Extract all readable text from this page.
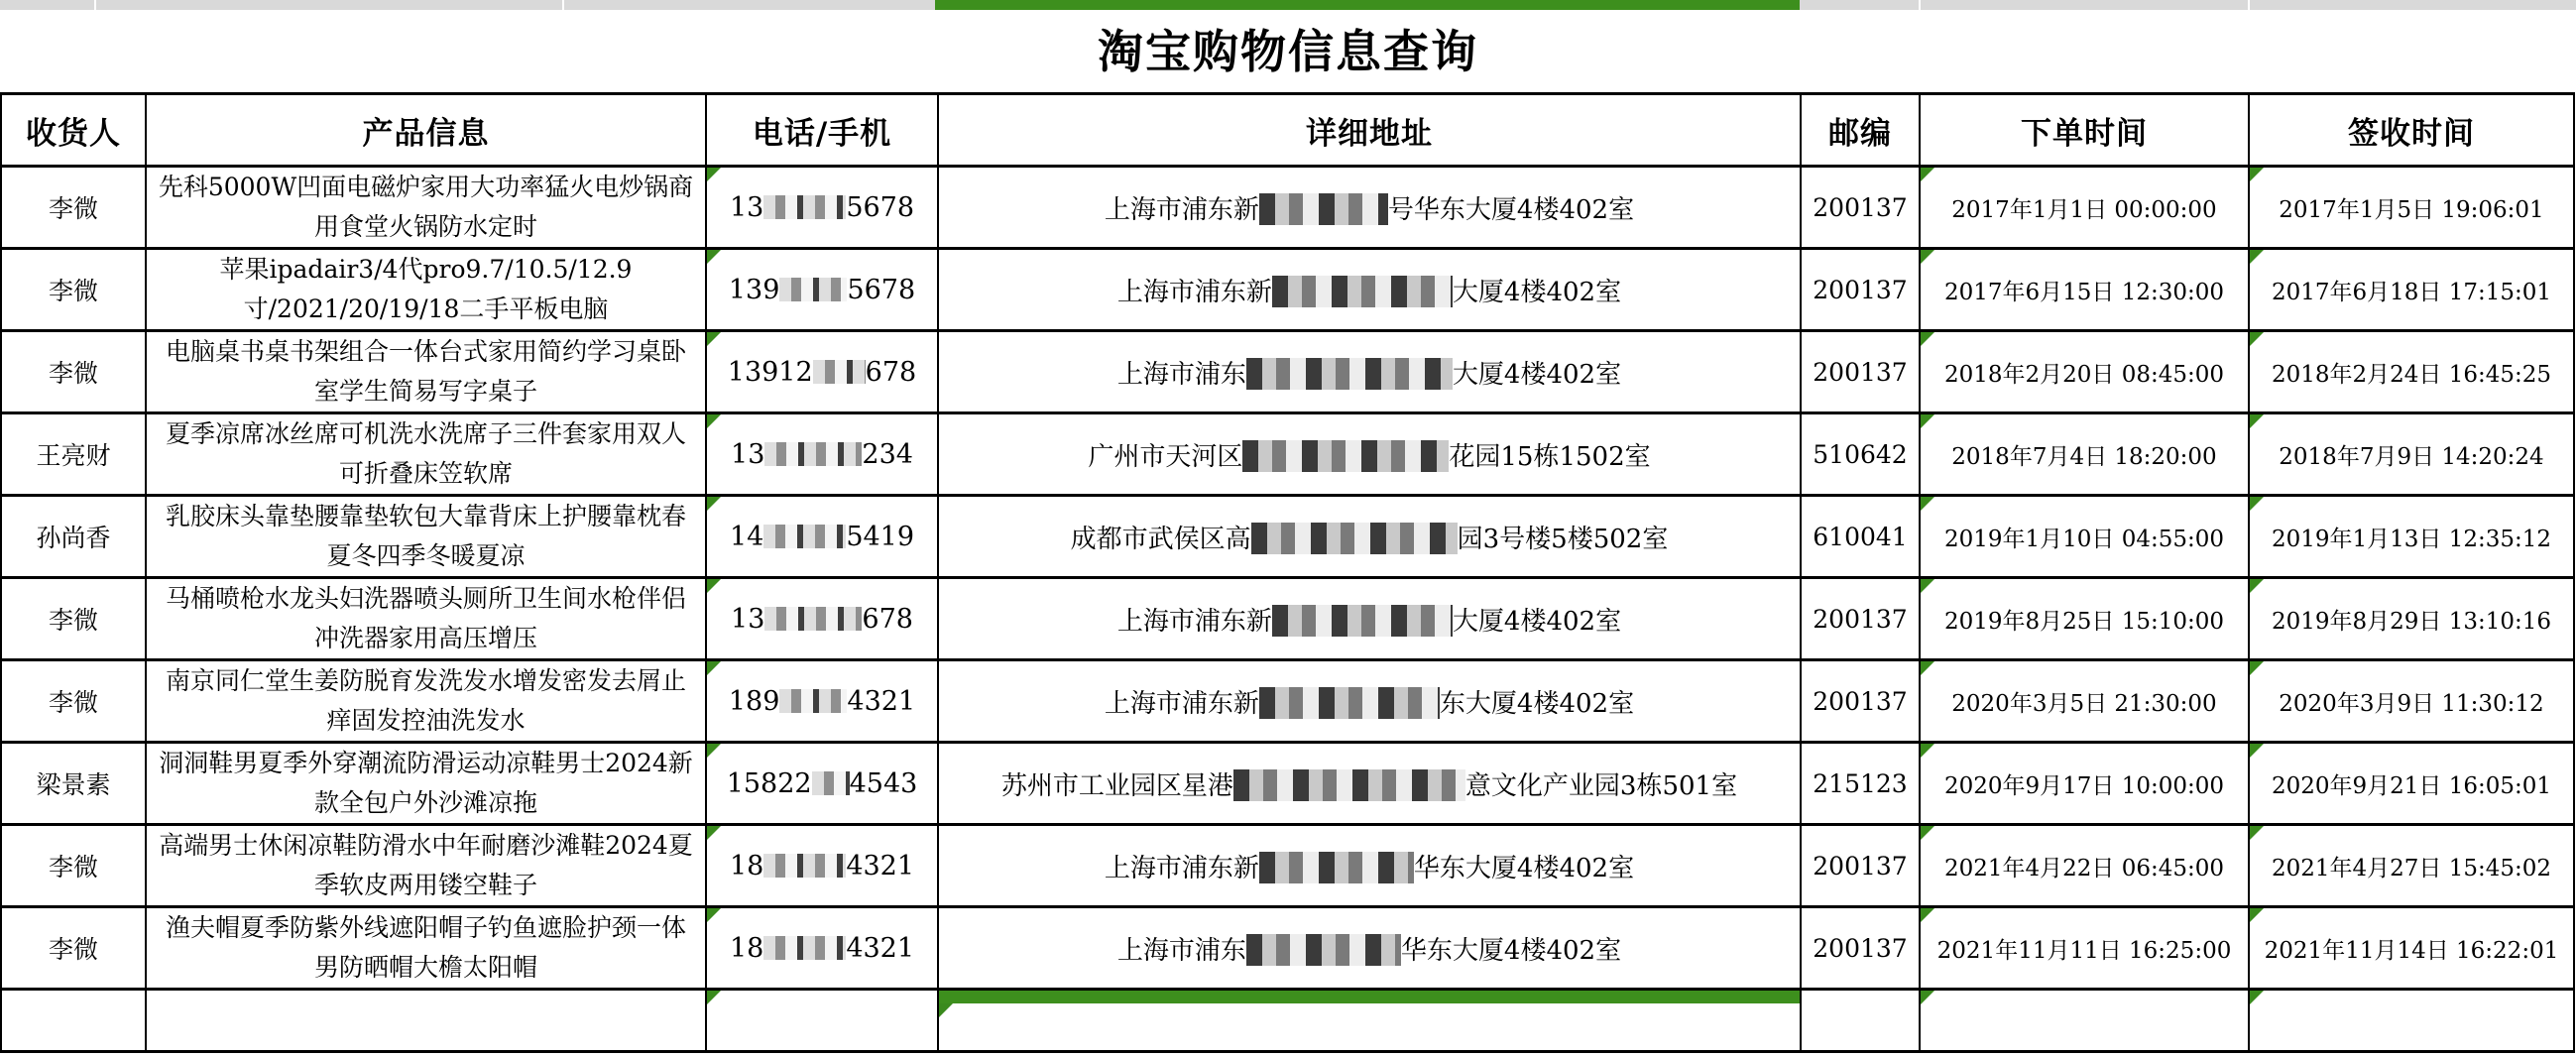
淘宝购物信息查询
收货人	产品信息	电话/手机	详细地址	邮编	下单时间	签收时间
李微	先科5000W凹面电磁炉家用大功率猛火电炒锅商用食堂火锅防水定时	13 5678	上海市浦东新 号华东大厦4楼402室	200137	2017年1月1日 00:00:00	2017年1月5日 19:06:01
李微	苹果ipadair3/4代pro9.7/10.5/12.9寸/2021/20/19/18二手平板电脑	139 5678	上海市浦东新 大厦4楼402室	200137	2017年6月15日 12:30:00	2017年6月18日 17:15:01
李微	电脑桌书桌书架组合一体台式家用简约学习桌卧室学生简易写字桌子	13912 678	上海市浦东 大厦4楼402室	200137	2018年2月20日 08:45:00	2018年2月24日 16:45:25
王亮财	夏季凉席冰丝席可机洗水洗席子三件套家用双人可折叠床笠软席	13 234	广州市天河区 花园15栋1502室	510642	2018年7月4日 18:20:00	2018年7月9日 14:20:24
孙尚香	乳胶床头靠垫腰靠垫软包大靠背床上护腰靠枕春夏冬四季冬暖夏凉	14 5419	成都市武侯区高 园3号楼5楼502室	610041	2019年1月10日 04:55:00	2019年1月13日 12:35:12
李微	马桶喷枪水龙头妇洗器喷头厕所卫生间水枪伴侣冲洗器家用高压增压	13 678	上海市浦东新 大厦4楼402室	200137	2019年8月25日 15:10:00	2019年8月29日 13:10:16
李微	南京同仁堂生姜防脱育发洗发水增发密发去屑止痒固发控油洗发水	189 4321	上海市浦东新 东大厦4楼402室	200137	2020年3月5日 21:30:00	2020年3月9日 11:30:12
梁景素	洞洞鞋男夏季外穿潮流防滑运动凉鞋男士2024新款全包户外沙滩凉拖	15822 4543	苏州市工业园区星港 意文化产业园3栋501室	215123	2020年9月17日 10:00:00	2020年9月21日 16:05:01
李微	高端男士休闲凉鞋防滑水中年耐磨沙滩鞋2024夏季软皮两用镂空鞋子	18 4321	上海市浦东新 华东大厦4楼402室	200137	2021年4月22日 06:45:00	2021年4月27日 15:45:02
李微	渔夫帽夏季防紫外线遮阳帽子钓鱼遮脸护颈一体男防晒帽大檐太阳帽	18 4321	上海市浦东 华东大厦4楼402室	200137	2021年11月11日 16:25:00	2021年11月14日 16:22:01
